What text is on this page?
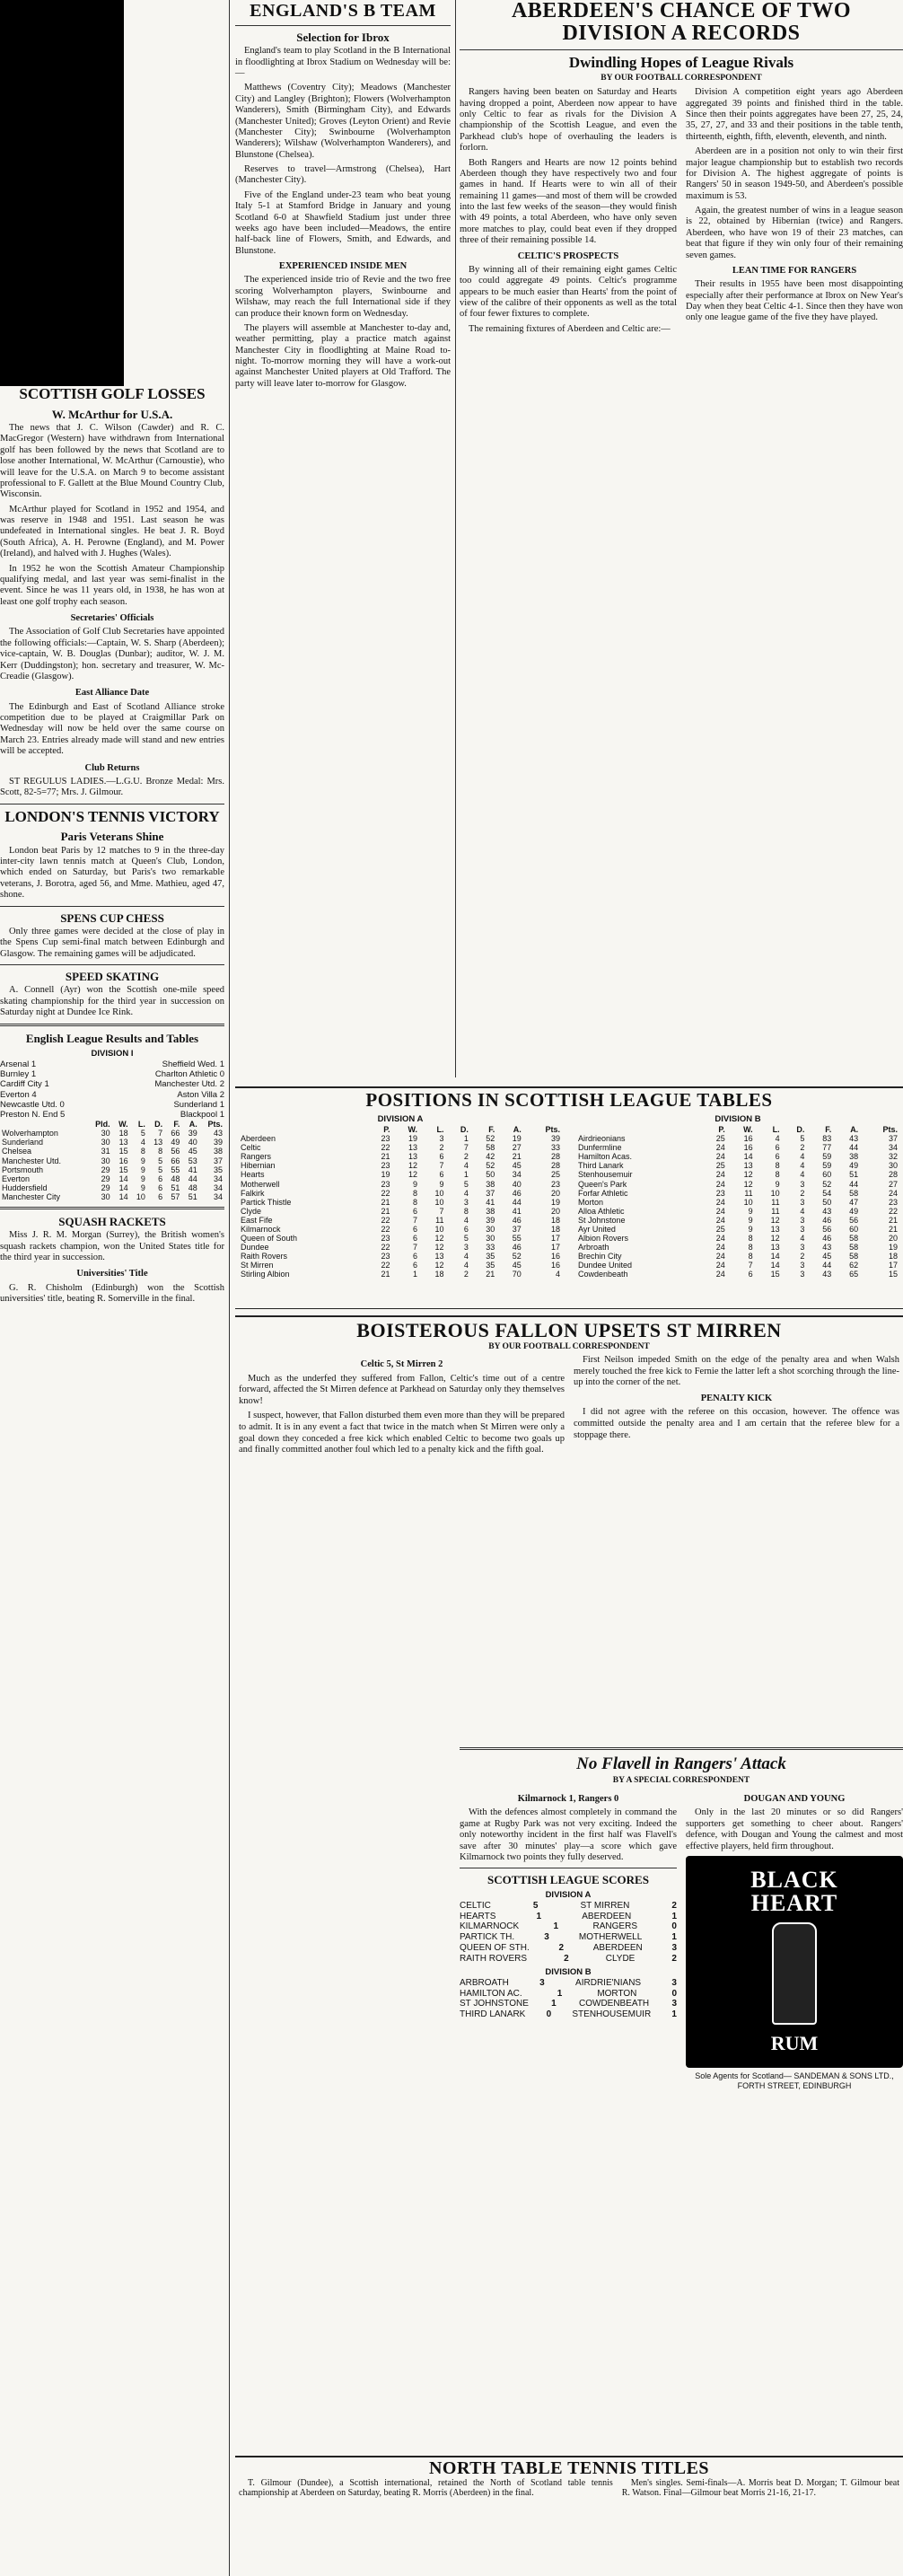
SCOTTISH GOLF LOSSES
W. McArthur for U.S.A.

The news that J. C. Wilson (Cawder) and R. C. MacGregor (Western) have withdrawn from International golf has been followed by the news that Scotland are to lose another International, W. McArthur (Carnoustie), who will leave for the U.S.A. on March 9 to become assistant professional to F. Gallett at the Blue Mound Country Club, Wisconsin.

McArthur played for Scotland in 1952 and 1954, and was reserve in 1948 and 1951. Last season he was undefeated in International singles. He beat J. R. Boyd (South Africa), A. H. Perowne (England), and M. Power (Ireland), and halved with J. Hughes (Wales).

In 1952 he won the Scottish Amateur Championship qualifying medal, and last year was semi-finalist in the event. Since he was 11 years old, in 1938, he has won at least one golf trophy each season.

Secretaries' Officials

The Association of Golf Club Secretaries have appointed the following officials:—Captain, W. S. Sharp (Aberdeen); vice-captain, W. B. Douglas (Dunbar); auditor, W. J. M. Kerr (Duddingston); hon. secretary and treasurer, W. Mc-Creadie (Glasgow).

East Alliance Date

The Edinburgh and East of Scotland Alliance stroke competition due to be played at Craigmillar Park on Wednesday will now be held over the same course on March 23. Entries already made will stand and new entries will be accepted.

Club Returns

ST REGULUS LADIES.—L.G.U. Bronze Medal: Mrs. Scott, 82-5=77; Mrs. J. Gilmour.

LONDON'S TENNIS VICTORY
Paris Veterans Shine

London beat Paris by 12 matches to 9 in the three-day inter-city lawn tennis match at Queen's Club, London, which ended on Saturday, but Paris's two remarkable veterans, J. Borotra, aged 56, and Mme. Mathieu, aged 47, shone.

SPENS CUP CHESS

Only three games were decided at the close of play in the Spens Cup semi-final match between Edinburgh and Glasgow. The remaining games will be adjudicated.

SPEED SKATING

A. Connell (Ayr) won the Scottish one-mile speed skating championship for the third year in succession on Saturday night at Dundee Ice Rink.

English League Results and Tables
DIVISION I
Arsenal 1	Sheffield Wed. 1
Burnley 1	Charlton Athletic 0
Cardiff City 1	Manchester Utd. 2
Everton 4	Aston Villa 2
Newcastle Utd. 0	Sunderland 1
Preston N. End 5	Blackpool 1
	Pld.	W.	L.	D.	F.	A.	Pts.
Wolverhampton	30	18	5	7	66	39	43
Sunderland	30	13	4	13	49	40	39
Chelsea	31	15	8	8	56	45	38
Manchester Utd.	30	16	9	5	66	53	37
Portsmouth	29	15	9	5	55	41	35
Everton	29	14	9	6	48	44	34
Huddersfield	29	14	9	6	51	48	34
Manchester City	30	14	10	6	57	51	34
SQUASH RACKETS

Miss J. R. M. Morgan (Surrey), the British women's squash rackets champion, won the United States title for the third year in succession.

Universities' Title

G. R. Chisholm (Edinburgh) won the Scottish universities' title, beating R. Somerville in the final.

ENGLAND'S B TEAM
Selection for Ibrox

England's team to play Scotland in the B International in floodlighting at Ibrox Stadium on Wednesday will be:—

Matthews (Coventry City); Meadows (Manchester City) and Langley (Brighton); Flowers (Wolverhampton Wanderers), Smith (Birmingham City), and Edwards (Manchester United); Groves (Leyton Orient) and Revie (Manchester City); Swinbourne (Wolverhampton Wanderers); Wilshaw (Wolverhampton Wanderers), and Blunstone (Chelsea).

Reserves to travel—Armstrong (Chelsea), Hart (Manchester City).

Five of the England under-23 team who beat young Italy 5-1 at Stamford Bridge in January and young Scotland 6-0 at Shawfield Stadium just under three weeks ago have been included—Meadows, the entire half-back line of Flowers, Smith, and Edwards, and Blunstone.

EXPERIENCED INSIDE MEN

The experienced inside trio of Revie and the two free scoring Wolverhampton players, Swinbourne and Wilshaw, may reach the full International side if they can produce their known form on Wednesday.

The players will assemble at Manchester to-day and, weather permitting, play a practice match against Manchester City in floodlighting at Maine Road to-night. To-morrow morning they will have a work-out against Manchester United players at Old Trafford. The party will leave later to-morrow for Glasgow.

ABERDEEN'S CHANCE OF TWO
DIVISION A RECORDS
Dwindling Hopes of League Rivals
BY OUR FOOTBALL CORRESPONDENT

Rangers having been beaten on Saturday and Hearts having dropped a point, Aberdeen now appear to have only Celtic to fear as rivals for the Division A championship of the Scottish League, and even the Parkhead club's hope of overhauling the leaders is forlorn.

Both Rangers and Hearts are now 12 points behind Aberdeen though they have respectively two and four games in hand. If Hearts were to win all of their remaining 11 games—and most of them will be crowded into the last few weeks of the season—they would finish with 49 points, a total Aberdeen, who have only seven more matches to play, could beat even if they dropped three of their remaining possible 14.

CELTIC'S PROSPECTS

By winning all of their remaining eight games Celtic too could aggregate 49 points. Celtic's programme appears to be much easier than Hearts' from the point of view of the calibre of their opponents as well as the total of four fewer fixtures to complete.

The remaining fixtures of Aberdeen and Celtic are:—

Division A competition eight years ago Aberdeen aggregated 39 points and finished third in the table. Since then their points aggregates have been 27, 25, 24, 35, 27, 27, and 33 and their positions in the table tenth, thirteenth, eighth, fifth, eleventh, eleventh, and ninth.

Aberdeen are in a position not only to win their first major league championship but to establish two records for Division A. The highest aggregate of points is Rangers' 50 in season 1949-50, and Aberdeen's possible maximum is 53.

Again, the greatest number of wins in a league season is 22, obtained by Hibernian (twice) and Rangers. Aberdeen, who have won 19 of their 23 matches, can beat that figure if they win only four of their remaining seven games.

LEAN TIME FOR RANGERS

Their results in 1955 have been most disappointing especially after their performance at Ibrox on New Year's Day when they beat Celtic 4-1. Since then they have won only one league game of the five they have played.

POSITIONS IN SCOTTISH LEAGUE TABLES
DIVISION A
	P.	W.	L.	D.	F.	A.	Pts.
Aberdeen	23	19	3	1	52	19	39
Celtic	22	13	2	7	58	27	33
Rangers	21	13	6	2	42	21	28
Hibernian	23	12	7	4	52	45	28
Hearts	19	12	6	1	50	34	25
Motherwell	23	9	9	5	38	40	23
Falkirk	22	8	10	4	37	46	20
Partick Thistle	21	8	10	3	41	44	19
Clyde	21	6	7	8	38	41	20
East Fife	22	7	11	4	39	46	18
Kilmarnock	22	6	10	6	30	37	18
Queen of South	23	6	12	5	30	55	17
Dundee	22	7	12	3	33	46	17
Raith Rovers	23	6	13	4	35	52	16
St Mirren	22	6	12	4	35	45	16
Stirling Albion	21	1	18	2	21	70	4
DIVISION B
	P.	W.	L.	D.	F.	A.	Pts.
Airdrieonians	25	16	4	5	83	43	37
Dunfermline	24	16	6	2	77	44	34
Hamilton Acas.	24	14	6	4	59	38	32
Third Lanark	25	13	8	4	59	49	30
Stenhousemuir	24	12	8	4	60	51	28
Queen's Park	24	12	9	3	52	44	27
Forfar Athletic	23	11	10	2	54	58	24
Morton	24	10	11	3	50	47	23
Alloa Athletic	24	9	11	4	43	49	22
St Johnstone	24	9	12	3	46	56	21
Ayr United	25	9	13	3	56	60	21
Albion Rovers	24	8	12	4	46	58	20
Arbroath	24	8	13	3	43	58	19
Brechin City	24	8	14	2	45	58	18
Dundee United	24	7	14	3	44	62	17
Cowdenbeath	24	6	15	3	43	65	15
BOISTEROUS FALLON UPSETS ST MIRREN
BY OUR FOOTBALL CORRESPONDENT
Celtic 5, St Mirren 2

Much as the underfed they suffered from Fallon, Celtic's time out of a centre forward, affected the St Mirren defence at Parkhead on Saturday only they themselves know!

I suspect, however, that Fallon disturbed them even more than they will be prepared to admit. It is in any event a fact that twice in the match when St Mirren were only a goal down they conceded a free kick which enabled Celtic to become two goals up and finally committed another foul which led to a penalty kick and the fifth goal.

First Neilson impeded Smith on the edge of the penalty area and when Walsh merely touched the free kick to Fernie the latter left a shot scorching through the line-up into the corner of the net.

PENALTY KICK

I did not agree with the referee on this occasion, however. The offence was committed outside the penalty area and I am certain that the referee blew for a stoppage there.

No Flavell in Rangers' Attack
BY A SPECIAL CORRESPONDENT
Kilmarnock 1, Rangers 0

With the defences almost completely in command the game at Rugby Park was not very exciting. Indeed the only noteworthy incident in the first half was Flavell's save after 30 minutes' play—a score which gave Kilmarnock two points they fully deserved.

SCOTTISH LEAGUE SCORES
DIVISION A
CELTIC	5	ST MIRREN	2
HEARTS	1	ABERDEEN	1
KILMARNOCK	1	RANGERS	0
PARTICK TH.	3	MOTHERWELL	1
QUEEN OF STH.	2	ABERDEEN	3
RAITH ROVERS	2	CLYDE	2
DIVISION B
ARBROATH	3	AIRDRIE'NIANS	3
HAMILTON AC.	1	MORTON	0
ST JOHNSTONE	1	COWDENBEATH	3
THIRD LANARK 0 STENHOUSEMUIR 1
DOUGAN AND YOUNG

Only in the last 20 minutes or so did Rangers' supporters get something to cheer about. Rangers' defence, with Dougan and Young the calmest and most effective players, held firm throughout.

BLACK
HEART
RUM
Sole Agents for Scotland— SANDEMAN & SONS LTD., FORTH STREET, EDINBURGH
NORTH TABLE TENNIS TITLES

T. Gilmour (Dundee), a Scottish international, retained the North of Scotland table tennis championship at Aberdeen on Saturday, beating R. Morris (Aberdeen) in the final.

Men's singles. Semi-finals—A. Morris beat D. Morgan; T. Gilmour beat R. Watson. Final—Gilmour beat Morris 21-16, 21-17.
